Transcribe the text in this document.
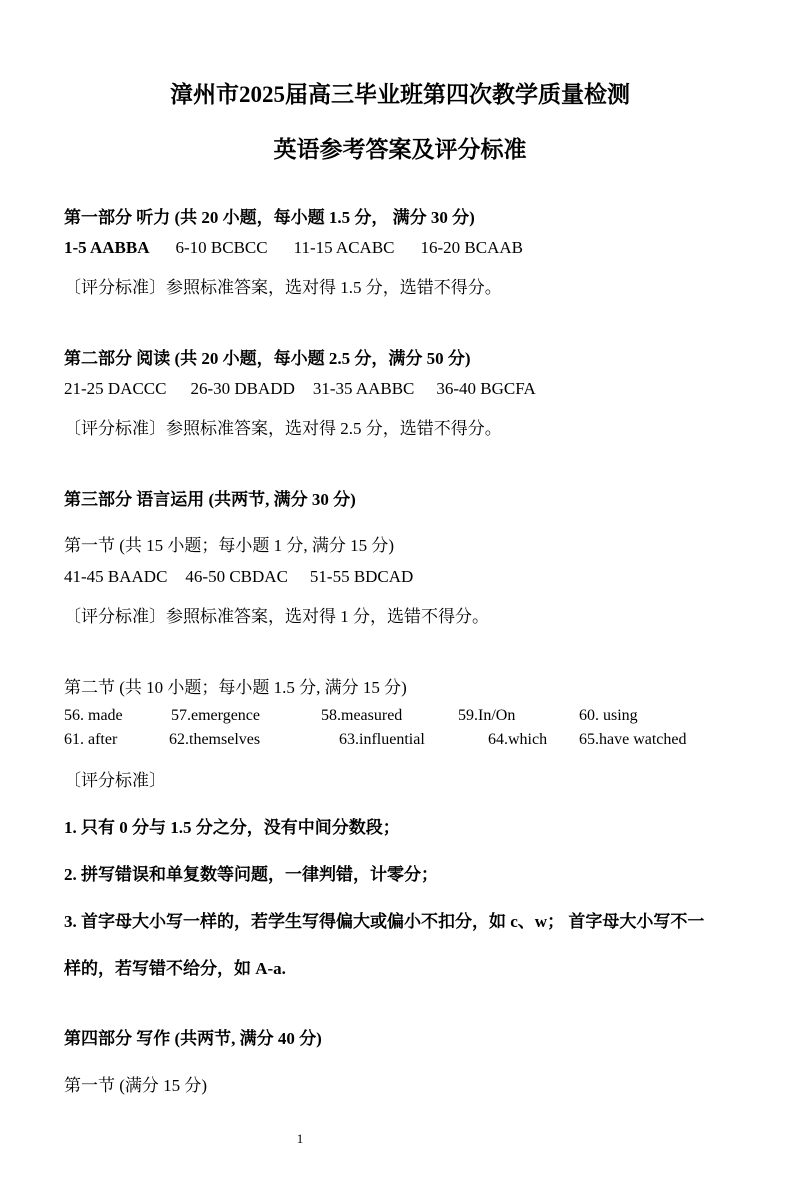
漳州市2025届高三毕业班第四次教学质量检测
英语参考答案及评分标准
第一部分 听力 (共 20 小题，每小题 1.5 分， 满分 30 分)
1-5 AABBA 6-10 BCBCC 11-15 ACABC 16-20 BCAAB
〔评分标准〕参照标准答案，选对得 1.5 分，选错不得分。
第二部分 阅读 (共 20 小题，每小题 2.5 分，满分 50 分)
21-25 DACCC 26-30 DBADD 31-35 AABBC 36-40 BGCFA
〔评分标准〕参照标准答案，选对得 2.5 分，选错不得分。
第三部分 语言运用 (共两节, 满分 30 分)
第一节 (共 15 小题；每小题 1 分, 满分 15 分)
41-45 BAADC 46-50 CBDAC 51-55 BDCAD
〔评分标准〕参照标准答案，选对得 1 分，选错不得分。
第二节 (共 10 小题；每小题 1.5 分, 满分 15 分)
56. made	57.emergence	58.measured	59.In/On	60. using
61. after	62.themselves	63.influential	64.which 65.have watched
〔评分标准〕
1. 只有 0 分与 1.5 分之分，没有中间分数段；
2. 拼写错误和单复数等问题，一律判错，计零分；
3. 首字母大小写一样的，若学生写得偏大或偏小不扣分，如 c、w； 首字母大小写不一
样的，若写错不给分，如 A-a.
第四部分 写作 (共两节, 满分 40 分)
第一节 (满分 15 分)
1
